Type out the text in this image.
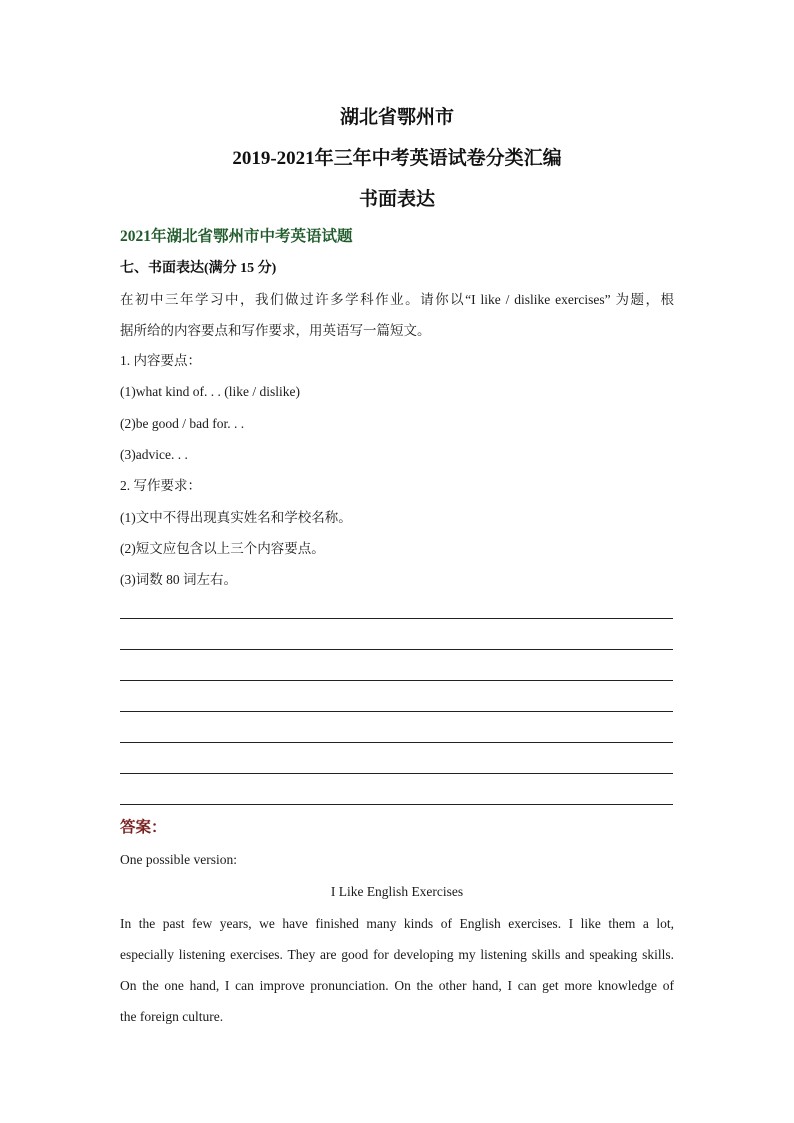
湖北省鄂州市
2019-2021年三年中考英语试卷分类汇编
书面表达
2021年湖北省鄂州市中考英语试题
七、书面表达(满分 15 分)
在初中三年学习中，我们做过许多学科作业。请你以“I like / dislike exercises” 为题，根
据所给的内容要点和写作要求，用英语写一篇短文。
1. 内容要点：
(1)what kind of. . . (like / dislike)
(2)be good / bad for. . .
(3)advice. . .
2. 写作要求：
(1)文中不得出现真实姓名和学校名称。
(2)短文应包含以上三个内容要点。
(3)词数 80 词左右。
答案：
One possible version:
I Like English Exercises
In the past few years, we have finished many kinds of English exercises. I like them a lot,
especially listening exercises. They are good for developing my listening skills and speaking skills.
On the one hand, I can improve pronunciation. On the other hand, I can get more knowledge of
the foreign culture.
